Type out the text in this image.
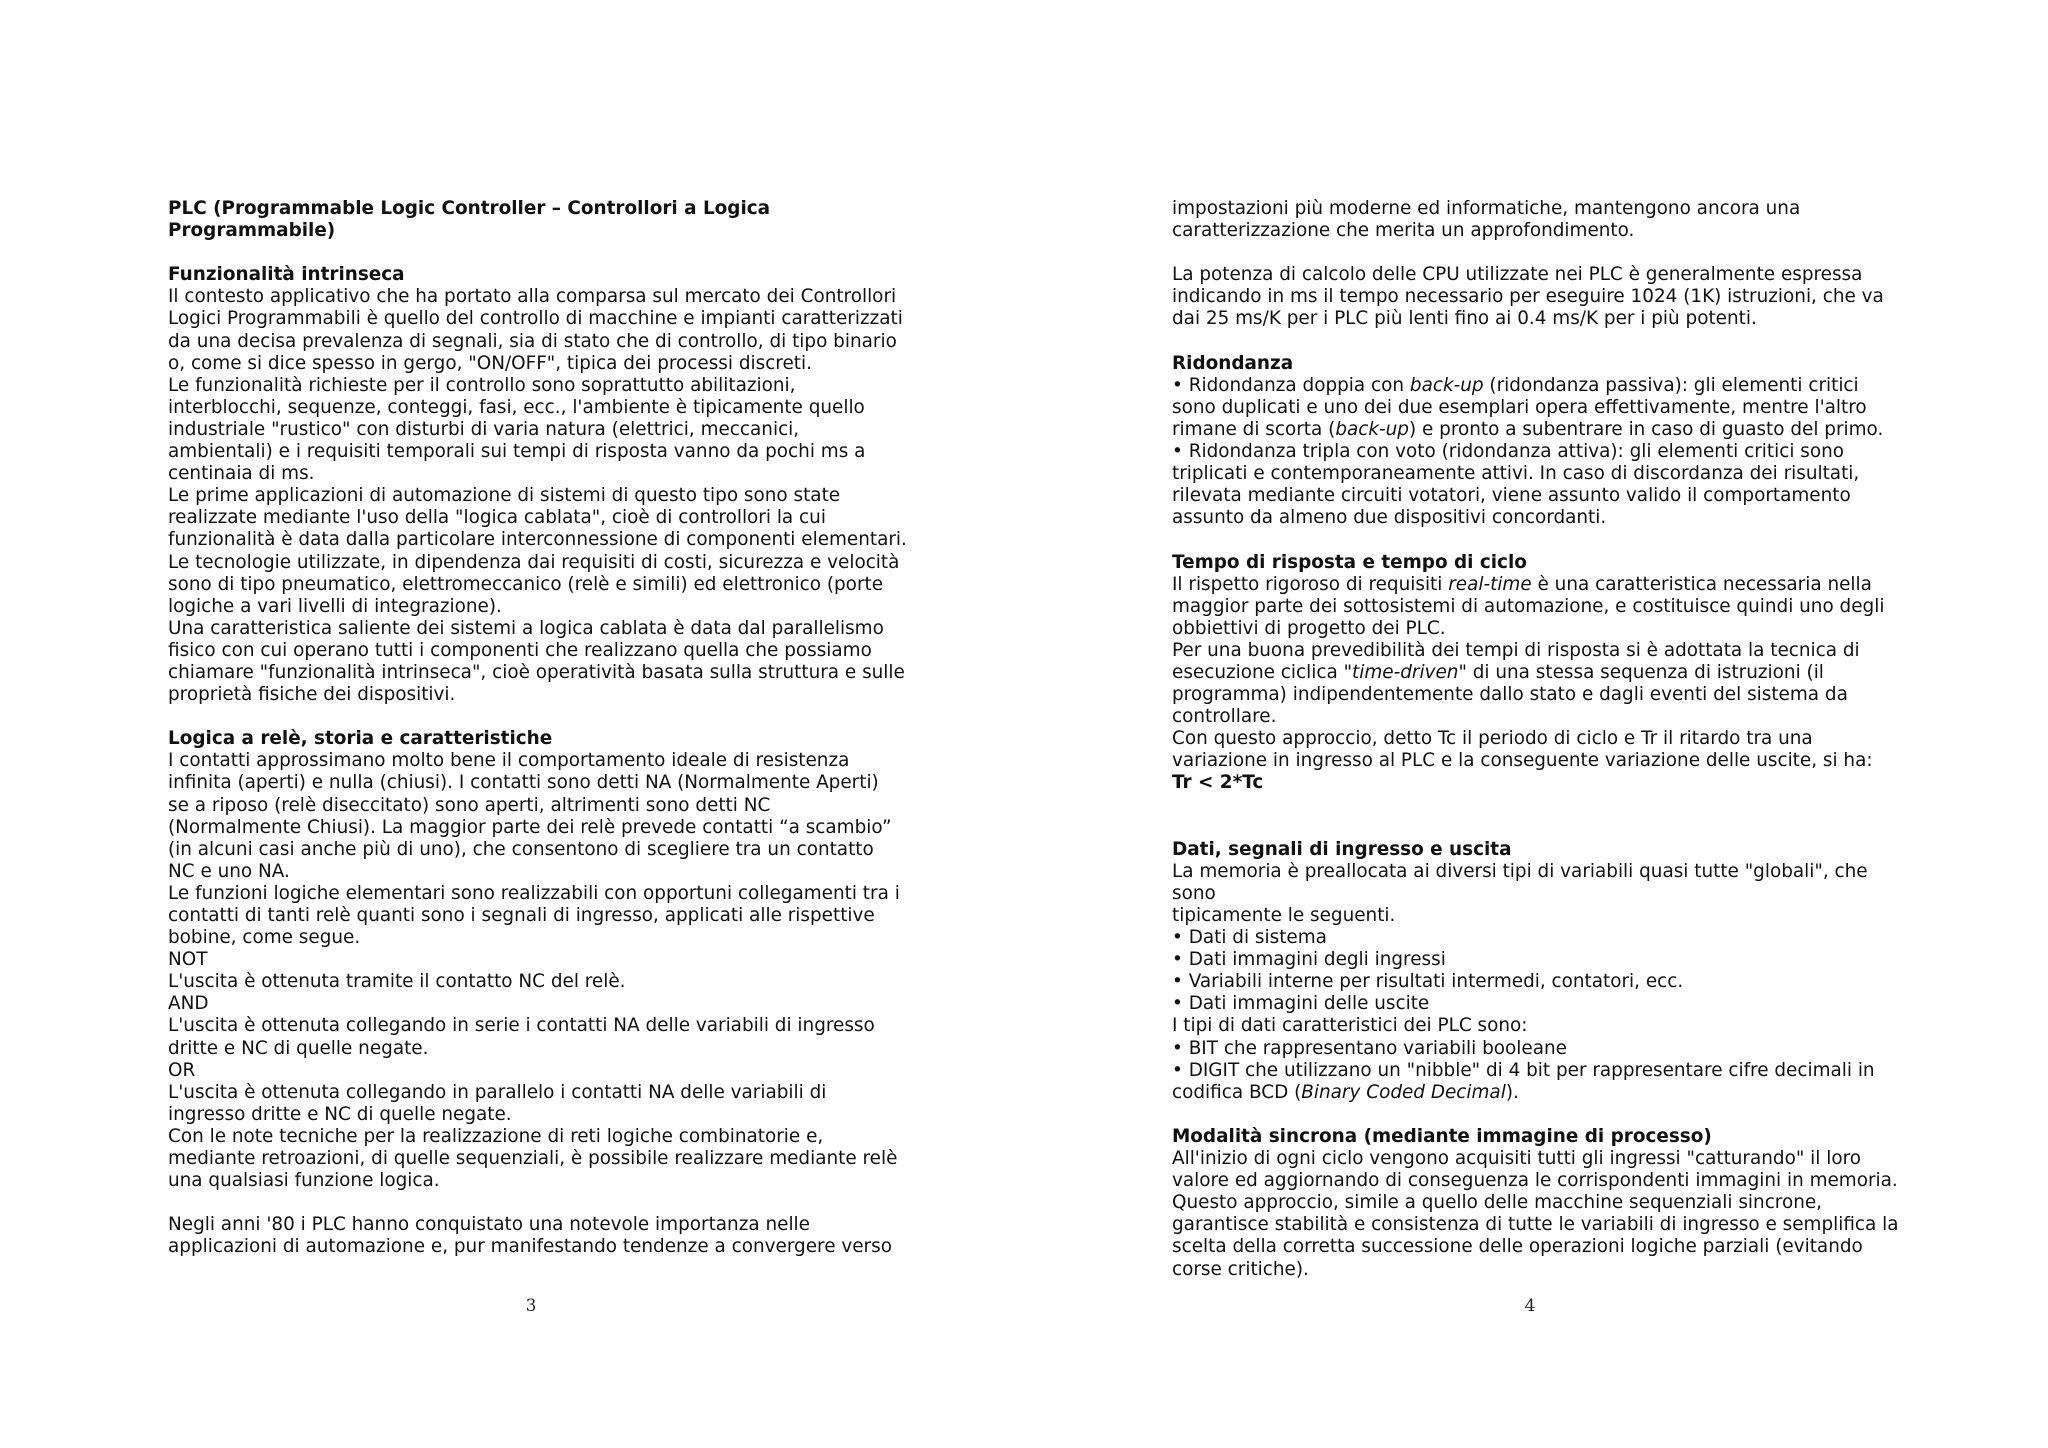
PLC (Programmable Logic Controller – Controllori a Logica
Programmabile)
Funzionalità intrinseca
Il contesto applicativo che ha portato alla comparsa sul mercato dei Controllori
Logici Programmabili è quello del controllo di macchine e impianti caratterizzati
da una decisa prevalenza di segnali, sia di stato che di controllo, di tipo binario
o, come si dice spesso in gergo, "ON/OFF", tipica dei processi discreti.
Le funzionalità richieste per il controllo sono soprattutto abilitazioni,
interblocchi, sequenze, conteggi, fasi, ecc., l'ambiente è tipicamente quello
industriale "rustico" con disturbi di varia natura (elettrici, meccanici,
ambientali) e i requisiti temporali sui tempi di risposta vanno da pochi ms a
centinaia di ms.
Le prime applicazioni di automazione di sistemi di questo tipo sono state
realizzate mediante l'uso della "logica cablata", cioè di controllori la cui
funzionalità è data dalla particolare interconnessione di componenti elementari.
Le tecnologie utilizzate, in dipendenza dai requisiti di costi, sicurezza e velocità
sono di tipo pneumatico, elettromeccanico (relè e simili) ed elettronico (porte
logiche a vari livelli di integrazione).
Una caratteristica saliente dei sistemi a logica cablata è data dal parallelismo
fisico con cui operano tutti i componenti che realizzano quella che possiamo
chiamare "funzionalità intrinseca", cioè operatività basata sulla struttura e sulle
proprietà fisiche dei dispositivi.
Logica a relè, storia e caratteristiche
I contatti approssimano molto bene il comportamento ideale di resistenza
infinita (aperti) e nulla (chiusi). I contatti sono detti NA (Normalmente Aperti)
se a riposo (relè diseccitato) sono aperti, altrimenti sono detti NC
(Normalmente Chiusi). La maggior parte dei relè prevede contatti “a scambio”
(in alcuni casi anche più di uno), che consentono di scegliere tra un contatto
NC e uno NA.
Le funzioni logiche elementari sono realizzabili con opportuni collegamenti tra i
contatti di tanti relè quanti sono i segnali di ingresso, applicati alle rispettive
bobine, come segue.
NOT
L'uscita è ottenuta tramite il contatto NC del relè.
AND
L'uscita è ottenuta collegando in serie i contatti NA delle variabili di ingresso
dritte e NC di quelle negate.
OR
L'uscita è ottenuta collegando in parallelo i contatti NA delle variabili di
ingresso dritte e NC di quelle negate.
Con le note tecniche per la realizzazione di reti logiche combinatorie e,
mediante retroazioni, di quelle sequenziali, è possibile realizzare mediante relè
una qualsiasi funzione logica.
Negli anni '80 i PLC hanno conquistato una notevole importanza nelle
applicazioni di automazione e, pur manifestando tendenze a convergere verso
3
impostazioni più moderne ed informatiche, mantengono ancora una
caratterizzazione che merita un approfondimento.
La potenza di calcolo delle CPU utilizzate nei PLC è generalmente espressa
indicando in ms il tempo necessario per eseguire 1024 (1K) istruzioni, che va
dai 25 ms/K per i PLC più lenti fino ai 0.4 ms/K per i più potenti.
Ridondanza
• Ridondanza doppia con back-up (ridondanza passiva): gli elementi critici
sono duplicati e uno dei due esemplari opera effettivamente, mentre l'altro
rimane di scorta (back-up) e pronto a subentrare in caso di guasto del primo.
• Ridondanza tripla con voto (ridondanza attiva): gli elementi critici sono
triplicati e contemporaneamente attivi. In caso di discordanza dei risultati,
rilevata mediante circuiti votatori, viene assunto valido il comportamento
assunto da almeno due dispositivi concordanti.
Tempo di risposta e tempo di ciclo
Il rispetto rigoroso di requisiti real-time è una caratteristica necessaria nella
maggior parte dei sottosistemi di automazione, e costituisce quindi uno degli
obbiettivi di progetto dei PLC.
Per una buona prevedibilità dei tempi di risposta si è adottata la tecnica di
esecuzione ciclica "time-driven" di una stessa sequenza di istruzioni (il
programma) indipendentemente dallo stato e dagli eventi del sistema da
controllare.
Con questo approccio, detto Tc il periodo di ciclo e Tr il ritardo tra una
variazione in ingresso al PLC e la conseguente variazione delle uscite, si ha:
Tr < 2*Tc
Dati, segnali di ingresso e uscita
La memoria è preallocata ai diversi tipi di variabili quasi tutte "globali", che
sono
tipicamente le seguenti.
• Dati di sistema
• Dati immagini degli ingressi
• Variabili interne per risultati intermedi, contatori, ecc.
• Dati immagini delle uscite
I tipi di dati caratteristici dei PLC sono:
• BIT che rappresentano variabili booleane
• DIGIT che utilizzano un "nibble" di 4 bit per rappresentare cifre decimali in
codifica BCD (Binary Coded Decimal).
Modalità sincrona (mediante immagine di processo)
All'inizio di ogni ciclo vengono acquisiti tutti gli ingressi "catturando" il loro
valore ed aggiornando di conseguenza le corrispondenti immagini in memoria.
Questo approccio, simile a quello delle macchine sequenziali sincrone,
garantisce stabilità e consistenza di tutte le variabili di ingresso e semplifica la
scelta della corretta successione delle operazioni logiche parziali (evitando
corse critiche).
4
